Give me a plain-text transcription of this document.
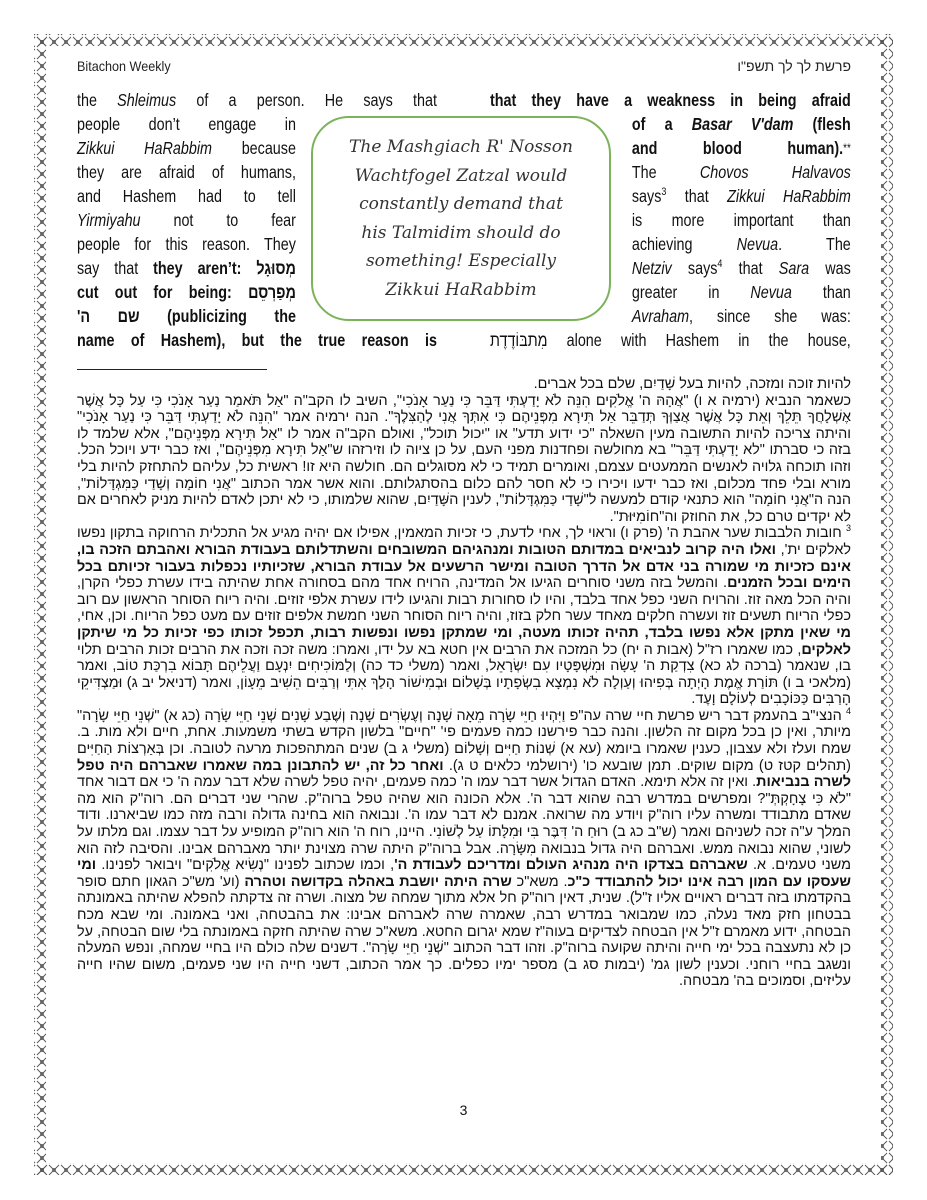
Bitachon Weekly	פרשת לך לך תשפ"ו
the Shleimus of a person. He says that
people don’t engage in
Zikkui HaRabbim because
they are afraid of humans,
and Hashem had to tell
Yirmiyahu not to fear
people for this reason. They
say that they aren’t: מְסוּגָל
cut out for being: מְפַרְסֵם
שם ה' (publicizing the
name of Hashem), but the true reason is
that they have a weakness in being afraid
of a Basar V'dam (flesh
and blood human). **
The Chovos Halvavos
says$^3$ that Zikkui HaRabbim
is more important than
achieving Nevua. The
Netziv says$^4$ that Sara was
greater in Nevua than
Avraham, since she was:
מִתבּוֹדֶדֶת alone with Hashem in the house,
The Mashgiach R' Nosson
Wachtfogel Zatzal would
constantly demand that
his Talmidim should do
something! Especially
Zikkui HaRabbim

להיות זוכה ומזכה, להיות בעל שָׁדַיִם, שלם בכל אברים.

כשאמר הנביא (ירמיה א ו) "אֲהָהּ ה' אֱלֹקִים הִנֵּה לֹא יָדַעְתִּי דַּבֵּר כִּי נַעַר אָנֹכִי", השיב לו הקב"ה "אַל תֹּאמַר נַעַר אָנֹכִי כִּי עַל כָּל אֲשֶׁר אֶשְׁלָחֲךָ תֵּלֵךְ וְאֵת כָּל אֲשֶׁר אֲצַוְּךָ תְּדַבֵּר אַל תִּירָא מִפְּנֵיהֶם כִּי אִתְּךָ אֲנִי לְהַצִּלֶךָ". הנה ירמיה אמר "הִנֵּה לֹא יָדַעְתִּי דַּבֵּר כִּי נַעַר אָנֹכִי" והיתה צריכה להיות התשובה מעין השאלה "כי ידוע תדע" או "יכול תוכל", ואולם הקב"ה אמר לו "אַל תִּירָא מִפְּנֵיהֶם", אלא שלמד לו בזה כי סברתו "לא יָדַעְתִּי דַּבֵּר" בא מחולשה ופחדנות מפני העם, על כן ציוה לו וזירזהו ש"אַל תִּירָא מִפְּנֵיהֶם", ואז כבר ידע ויוכל הכל. וזהו תוכחה גלויה לאנשים הממעטים עצמם, ואומרים תמיד כי לא מסוגלים הם. חולשה היא זו! ראשית כל, עליהם להתחזק להיות בלי מורא ובלי פחד מכלום, ואז כבר ידעו ויכירו כי לא חסר להם כלום בהסתגלותם. והוא אשר אמר הכתוב "אֲנִי חוֹמָה וְשָׁדַי כַּמִּגְדָּלוֹת", הנה ה"אֲנִי חוֹמָה" הוא כתנאי קודם למעשה ל"שָׁדַי כַּמִּגְדָּלוֹת", לענין השָּׁדַיִם, שהוא שלמותו, כי לא יתכן לאדם להיות מניק לאחרים אם לא יקדים טרם כל, את החוזק וה"חוֹמִיּוּת".

$^3$ חובות הלבבות שער אהבת ה' (פרק ו) וראוי לך, אחי לדעת, כי זכיות המאמין, אפילו אם יהיה מגיע אל התכלית הרחוקה בתקון נפשו לאלקים ית', ואלו היה קרוב לנביאים במדותם הטובות ומנהגיהם המשובחים והשתדלותם בעבודת הבורא ואהבתם הזכה בו, אינם כזכיות מי שמורה בני אדם אל הדרך הטובה ומישר הרשעים אל עבודת הבורא, שזכיותיו נכפלות בעבור זכיותם בכל הימים ובכל הזמנים. והמשל בזה משני סוחרים הגיעו אל המדינה, הרויח אחד מהם בסחורה אחת שהיתה בידו עשרת כפלי הקרן, והיה הכל מאה זוז. והרויח השני כפל אחד בלבד, והיו לו סחורות רבות והגיעו לידו עשרת אלפי זוזים. והיה ריוח הסוחר הראשון עם רוב כפלי הריוח תשעים זוז ועשרה חלקים מאחד עשר חלק בזוז, והיה ריוח הסוחר השני חמשת אלפים זוזים עם מעט כפל הריוח. וכן, אחי, מי שאין מתקן אלא נפשו בלבד, תהיה זכותו מעטה, ומי שמתקן נפשו ונפשות רבות, תכפל זכותו כפי זכיות כל מי שיתקן לאלקים, כמו שאמרו רז"ל (אבות ה יח) כל המזכה את הרבים אין חטא בא על ידו, ואמרו: משה זכה וזכה את הרבים זכות הרבים תלוי בו, שנאמר (ברכה לג כא) צִדְקַת ה' עָשָׂה וּמִשְׁפָּטָיו עִם יִשְׂרָאֵל, ואמר (משלי כד כה) וְלַמּוֹכִיחִים יִנְעָם וַעֲלֵיהֶם תָּבוֹא בִרְכַּת טוֹב, ואמר (מלאכי ב ו) תּוֹרַת אֱמֶת הָיְתָה בְּפִיהוּ וְעַוְלָה לֹא נִמְצָא בִשְׂפָתָיו בְּשָׁלוֹם וּבְמִישׁוֹר הָלַךְ אִתִּי וְרַבִּים הֵשִׁיב מֵעָוֹן, ואמר (דניאל יב ג) וּמַצְדִּיקֵי הָרַבִּים כַּכּוֹכָבִים לְעוֹלָם וָעֶד.

$^4$ הנצי"ב בהעמק דבר ריש פרשת חיי שרה עה"פ וַיִּהְיוּ חַיֵּי שָׂרָה מֵאָה שָׁנָה וְעֶשְׂרִים שָׁנָה וְשֶׁבַע שָׁנִים שְׁנֵי חַיֵּי שָׂרָה (כג א) "שְׁנֵי חַיֵּי שָׂרָה" מיותר, ואין כן בכל מקום זה הלשון. והנה כבר פירשנו כמה פעמים פי' "חיים" בלשון הקדש בשתי משמעות. אחת, חיים ולא מות. ב. שמח ועלז ולא עצבון, כענין שאמרו ביומא (עא א) שְׁנוֹת חַיִּים וְשָׁלוֹם (משלי ג ב) שנים המתהפכות מרעה לטובה. וכן בְּאַרְצוֹת הַחַיִּים (תהלים קטז ט) מקום שוקים. תמן שובעא כו' (ירושלמי כלאים ט ג). ואחר כל זה, יש להתבונן במה שאמרו שאברהם היה טפל לשרה בנביאות. ואין זה אלא תימא. האדם הגדול אשר דבר עמו ה' כמה פעמים, יהיה טפל לשרה שלא דבר עמה ה' כי אם דבור אחד "לֹא כִּי צָחָקְתְּ"? ומפרשים במדרש רבה שהוא דבר ה'. אלא הכונה הוא שהיה טפל ברוה"ק. שהרי שני דברים הם. רוה"ק הוא מה שאדם מתבודד ומשרה עליו רוה"ק ויודע מה שרואה. אמנם לא דבר עמו ה'. ונבואה הוא בחינה גדולה ורבה מזה כמו שביארנו. ודוד המלך ע"ה זכה לשניהם ואמר (ש"ב כג ב) רוּחַ ה' דִּבֶּר בִּי וּמִלָּתוֹ עַל לְשׁוֹנִי. היינו, רוח ה' הוא רוה"ק המופיע על דבר עצמו. וגם מלתו על לשוני, שהוא נבואה ממש. ואברהם היה גדול בנבואה מִשָּׂרָה. אבל ברוה"ק היתה שרה מצוינת יותר מאברהם אבינו. והסיבה לזה הוא משני טעמים. א. שאברהם בצדקו היה מנהיג העולם ומדריכם לעבודת ה', וכמו שכתוב לפנינו "נְשִׂיא אֱלֹקִים" ויבואר לפנינו. ומי שעסקו עם המון רבה אינו יכול להתבודד כ"כ. משא"כ שרה היתה יושבת באהלה בקדושה וטהרה (וע' מש"כ הגאון חתם סופר בהקדמתו בזה דברים ראויים אליו ז"ל). שנית, דאין רוה"ק חל אלא מתוך שמחה של מצוה. ושרה זה צדקתה להפלא שהיתה באמונתה בבטחון חזק מאד נעלה, כמו שמבואר במדרש רבה, שאמרה שרה לאברהם אבינו: את בהבטחה, ואני באמונה. ומי שבא מכח הבטחה, ידוע מאמרם ז"ל אין הבטחה לצדיקים בעוה"ז שמא יגרום החטא. משא"כ שרה שהיתה חזקה באמונתה בלי שום הבטחה, על כן לא נתעצבה בכל ימי חייה והיתה שקועה ברוה"ק. וזהו דבר הכתוב "שְׁנֵי חַיֵּי שָׂרָה". דשנים שלה כולם היו בחיי שמחה, ונפש המעלה ונשגב בחיי רוחני. וכענין לשון גמ' (יבמות סג ב) מספר ימיו כפלים. כך אמר הכתוב, דשני חייה היו שני פעמים, משום שהיו חייה עליזים, וסמוכים בה' מבטחה.

3
